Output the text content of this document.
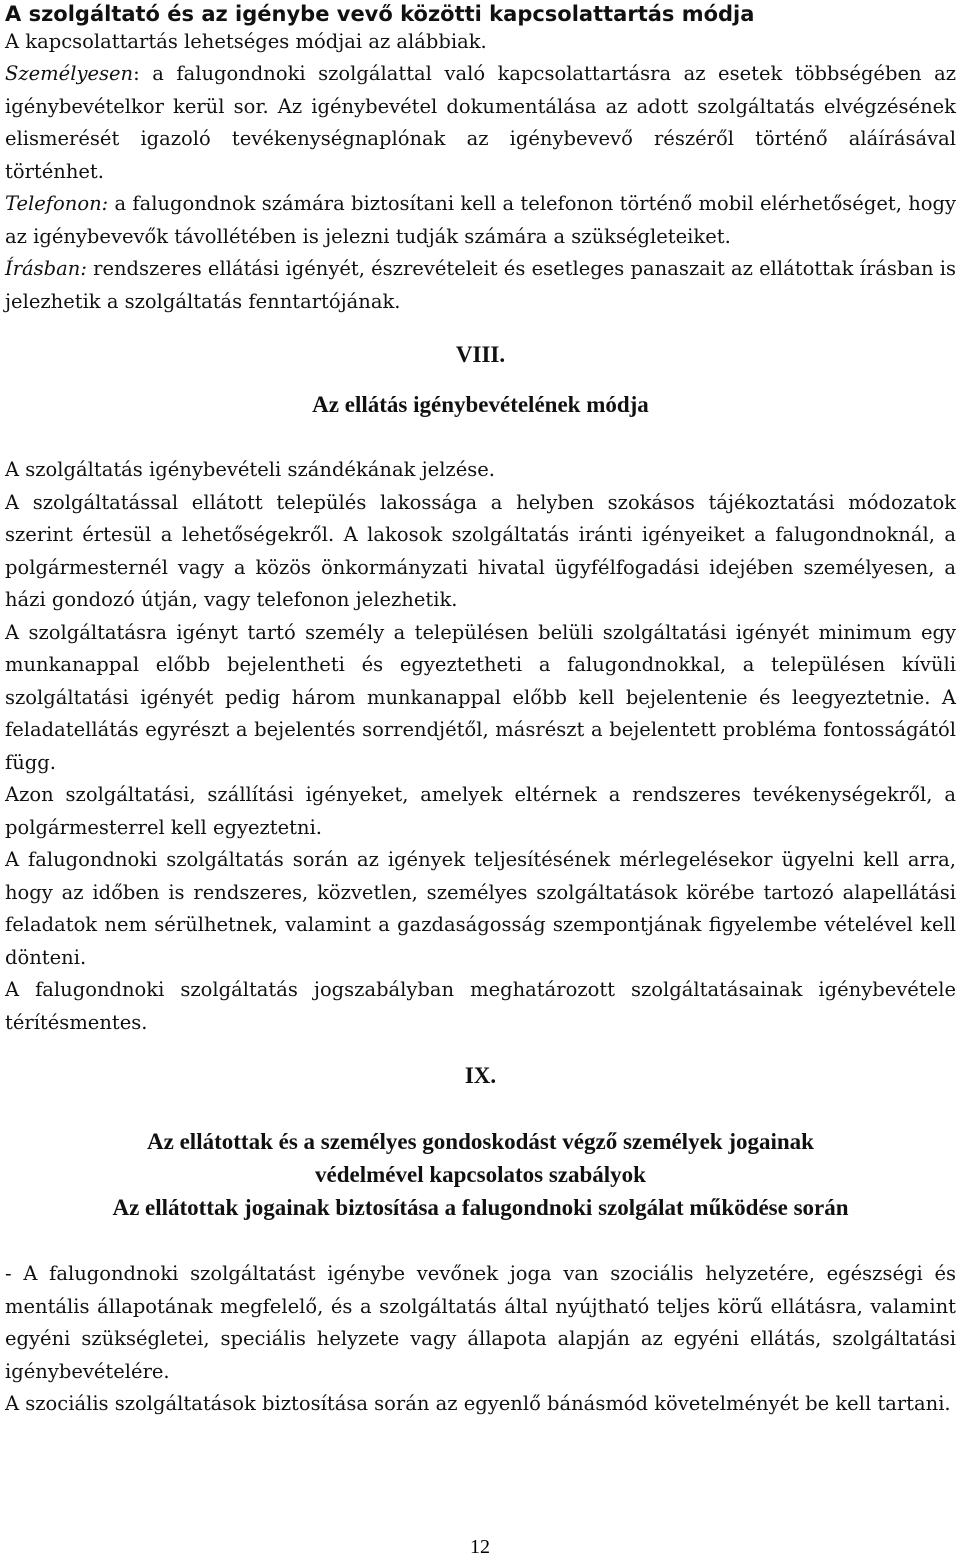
A szolgáltató és az igénybe vevő közötti kapcsolattartás módja

A kapcsolattartás lehetséges módjai az alábbiak.

Személyesen: a falugondnoki szolgálattal való kapcsolattartásra az esetek többségében az igénybevételkor kerül sor. Az igénybevétel dokumentálása az adott szolgáltatás elvégzésének elismerését igazoló tevékenységnaplónak az igénybevevő részéről történő aláírásával történhet.

Telefonon: a falugondnok számára biztosítani kell a telefonon történő mobil elérhetőséget, hogy az igénybevevők távollétében is jelezni tudják számára a szükségleteiket.

Írásban: rendszeres ellátási igényét, észrevételeit és esetleges panaszait az ellátottak írásban is jelezhetik a szolgáltatás fenntartójának.

VIII.
Az ellátás igénybevételének módja

A szolgáltatás igénybevételi szándékának jelzése.

A szolgáltatással ellátott település lakossága a helyben szokásos tájékoztatási módozatok szerint értesül a lehetőségekről. A lakosok szolgáltatás iránti igényeiket a falugondnoknál, a polgármesternél vagy a közös önkormányzati hivatal ügyfélfogadási idejében személyesen, a házi gondozó útján, vagy telefonon jelezhetik.

A szolgáltatásra igényt tartó személy a településen belüli szolgáltatási igényét minimum egy munkanappal előbb bejelentheti és egyeztetheti a falugondnokkal, a településen kívüli szolgáltatási igényét pedig három munkanappal előbb kell bejelentenie és leegyeztetnie. A feladatellátás egyrészt a bejelentés sorrendjétől, másrészt a bejelentett probléma fontosságától függ.

Azon szolgáltatási, szállítási igényeket, amelyek eltérnek a rendszeres tevékenységekről, a polgármesterrel kell egyeztetni.

A falugondnoki szolgáltatás során az igények teljesítésének mérlegelésekor ügyelni kell arra, hogy az időben is rendszeres, közvetlen, személyes szolgáltatások körébe tartozó alapellátási feladatok nem sérülhetnek, valamint a gazdaságosság szempontjának figyelembe vételével kell dönteni.

A falugondnoki szolgáltatás jogszabályban meghatározott szolgáltatásainak igénybevétele térítésmentes.

IX.
Az ellátottak és a személyes gondoskodást végző személyek jogainak
védelmével kapcsolatos szabályok
Az ellátottak jogainak biztosítása a falugondnoki szolgálat működése során

- A falugondnoki szolgáltatást igénybe vevőnek joga van szociális helyzetére, egészségi és mentális állapotának megfelelő, és a szolgáltatás által nyújtható teljes körű ellátásra, valamint egyéni szükségletei, speciális helyzete vagy állapota alapján az egyéni ellátás, szolgáltatási igénybevételére.

A szociális szolgáltatások biztosítása során az egyenlő bánásmód követelményét be kell tartani.

12
